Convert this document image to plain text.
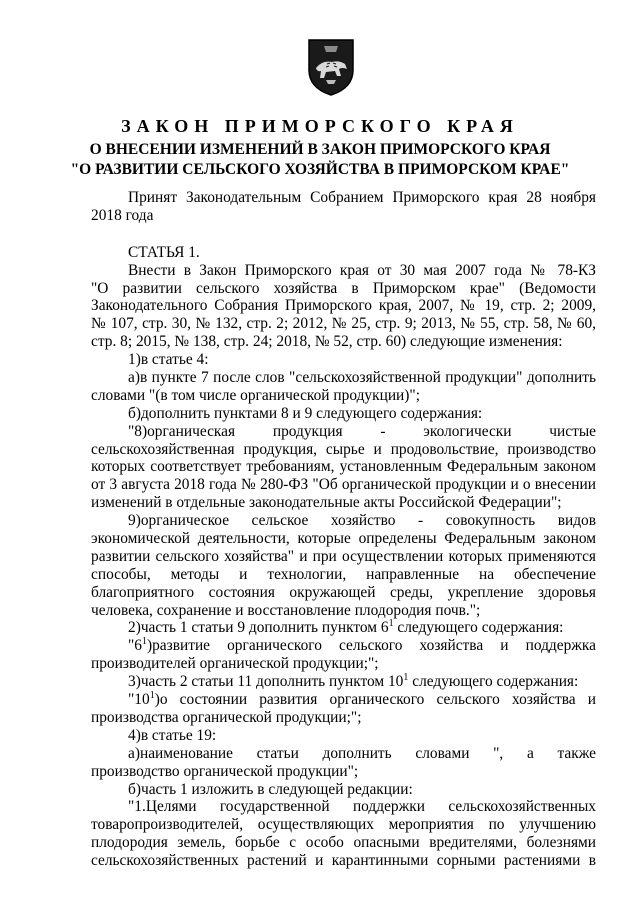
ЗАКОН ПРИМОРСКОГО КРАЯ
О ВНЕСЕНИИ ИЗМЕНЕНИЙ В ЗАКОН ПРИМОРСКОГО КРАЯ
"О РАЗВИТИИ СЕЛЬСКОГО ХОЗЯЙСТВА В ПРИМОРСКОМ КРАЕ"
Принят Законодательным Собранием Приморского края 28 ноября
2018 года
СТАТЬЯ 1.
Внести в Закон Приморского края от 30 мая 2007 года № 78-КЗ
"О развитии сельского хозяйства в Приморском крае" (Ведомости
Законодательного Собрания Приморского края, 2007, № 19, стр. 2; 2009,
№ 107, стр. 30, № 132, стр. 2; 2012, № 25, стр. 9; 2013, № 55, стр. 58, № 60,
стр. 8; 2015, № 138, стр. 24; 2018, № 52, стр. 60) следующие изменения:
1)в статье 4:
а)в пункте 7 после слов "сельскохозяйственной продукции" дополнить
словами "(в том числе органической продукции)";
б)дополнить пунктами 8 и 9 следующего содержания:
"8)органическая продукция - экологически чистые
сельскохозяйственная продукция, сырье и продовольствие, производство
которых соответствует требованиям, установленным Федеральным законом
от 3 августа 2018 года № 280-ФЗ "Об органической продукции и о внесении
изменений в отдельные законодательные акты Российской Федерации";
9)органическое сельское хозяйство - совокупность видов
экономической деятельности, которые определены Федеральным законом
развитии сельского хозяйства" и при осуществлении которых применяются
способы, методы и технологии, направленные на обеспечение
благоприятного состояния окружающей среды, укрепление здоровья
человека, сохранение и восстановление плодородия почв.";
2)часть 1 статьи 9 дополнить пунктом $6^1$ следующего содержания:
"$6^1)развитие$ органического сельского хозяйства и поддержка
производителей органической продукции;";
3)часть 2 статьи 11 дополнить пунктом $10^1$ следующего содержания:
"$10^1)о$ состоянии развития органического сельского хозяйства и
производства органической продукции;";
4)в статье 19:
а)наименование статьи дополнить словами ", а также
производство органической продукции";
б)часть 1 изложить в следующей редакции:
"1.Целями государственной поддержки сельскохозяйственных
товаропроизводителей, осуществляющих мероприятия по улучшению
плодородия земель, борьбе с особо опасными вредителями, болезнями
сельскохозяйственных растений и карантинными сорными растениями в
